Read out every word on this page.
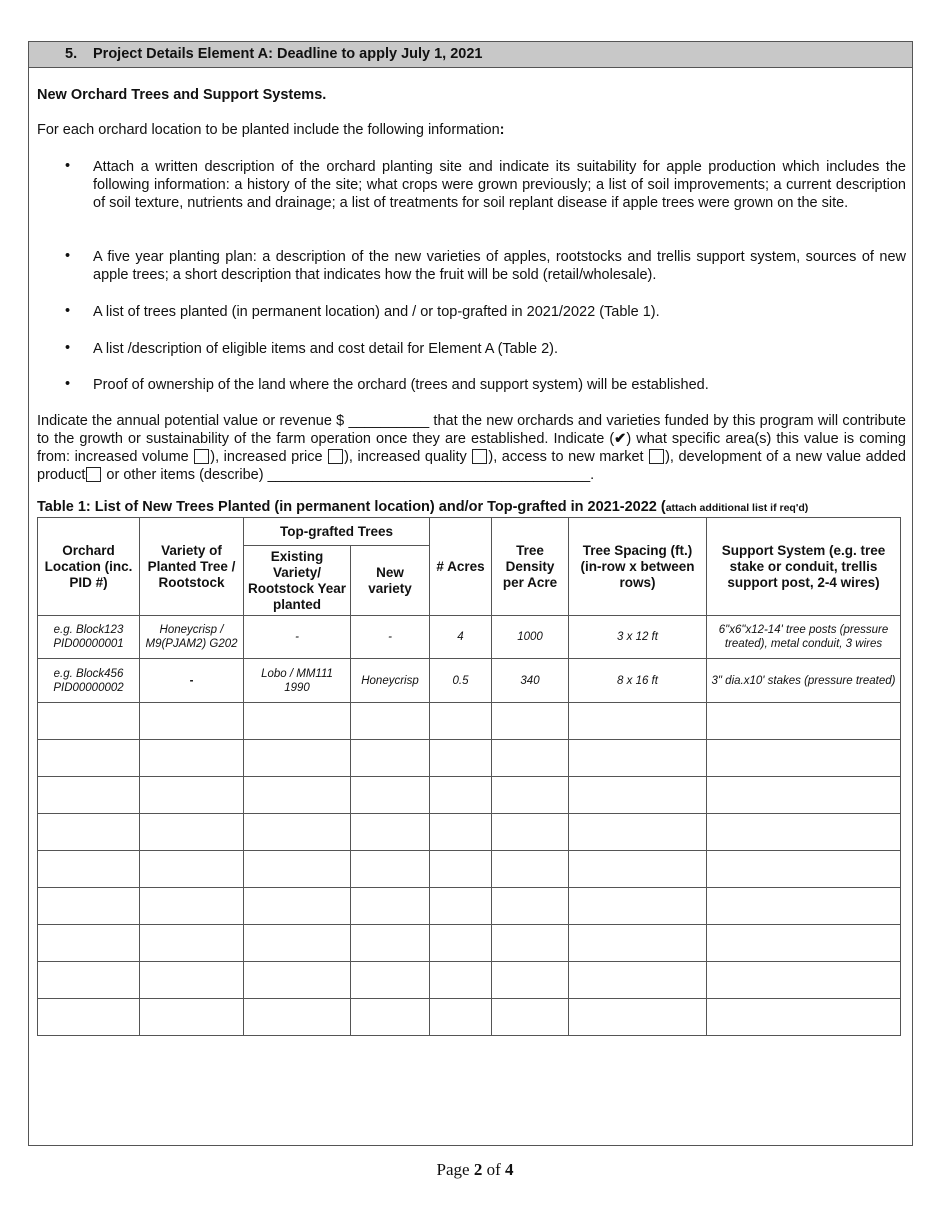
5. Project Details Element A: Deadline to apply July 1, 2021
New Orchard Trees and Support Systems.
For each orchard location to be planted include the following information:
• Attach a written description of the orchard planting site and indicate its suitability for apple production which includes the following information: a history of the site; what crops were grown previously; a list of soil improvements; a current description of soil texture, nutrients and drainage; a list of treatments for soil replant disease if apple trees were grown on the site.
• A five year planting plan: a description of the new varieties of apples, rootstocks and trellis support system, sources of new apple trees; a short description that indicates how the fruit will be sold (retail/wholesale).
• A list of trees planted (in permanent location) and / or top-grafted in 2021/2022 (Table 1).
• A list /description of eligible items and cost detail for Element A (Table 2).
• Proof of ownership of the land where the orchard (trees and support system) will be established.
Indicate the annual potential value or revenue $ __________ that the new orchards and varieties funded by this program will contribute to the growth or sustainability of the farm operation once they are established. Indicate (✔) what specific area(s) this value is coming from: increased volume ), increased price ), increased quality ), access to new market ), development of a new value added product or other items (describe) ________________________________________.
Table 1: List of New Trees Planted (in permanent location) and/or Top-grafted in 2021-2022 (attach additional list if req'd)
Orchard Location (inc. PID #)	Variety of Planted Tree / Rootstock	Top-grafted Trees		# Acres	Tree Density per Acre	Tree Spacing (ft.) (in-row x between rows)	Support System (e.g. tree stake or conduit, trellis support post, 2-4 wires)
		Existing Variety/ Rootstock Year planted	New variety				
e.g. Block123 PID00000001	Honeycrisp / M9(PJAM2) G202	-	-	4	1000	3 x 12 ft	6"x6"x12-14' tree posts (pressure treated), metal conduit, 3 wires
e.g. Block456 PID00000002	-	Lobo / MM111 1990	Honeycrisp	0.5	340	8 x 16 ft	3" dia.x10' stakes (pressure treated)

Page 2 of 4
